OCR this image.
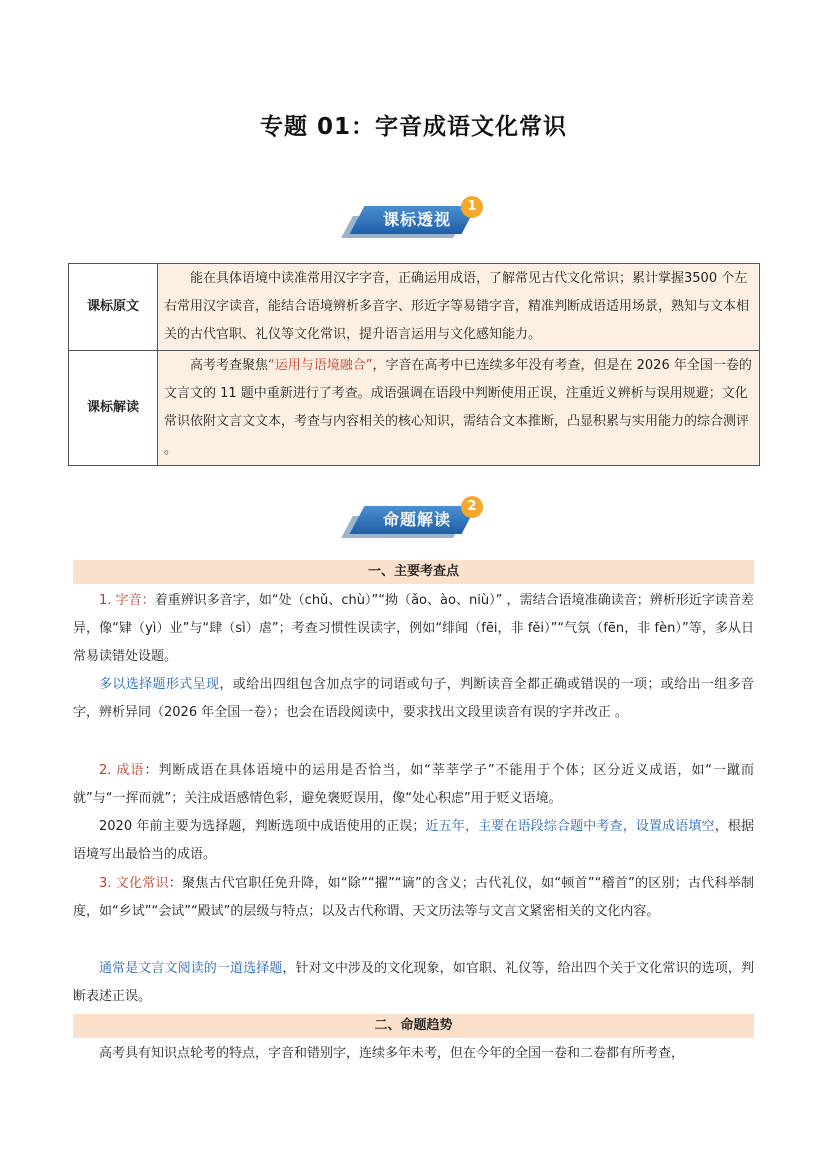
专题 01：字音成语文化常识
课标透视
1
课标原文	能在具体语境中读准常用汉字字音，正确运用成语，了解常见古代文化常识；累计掌握3500 个左右常用汉字读音，能结合语境辨析多音字、形近字等易错字音，精准判断成语适用场景，熟知与文本相关的古代官职、礼仪等文化常识，提升语言运用与文化感知能力。
课标解读	高考考查聚焦“运用与语境融合”，字音在高考中已连续多年没有考查，但是在 2026 年全国一卷的文言文的 11 题中重新进行了考查。成语强调在语段中判断使用正误，注重近义辨析与误用规避；文化常识依附文言文文本，考查与内容相关的核心知识，需结合文本推断，凸显积累与实用能力的综合测评 。
命题解读
2
一、主要考查点

1. 字音：着重辨识多音字，如“处（chǔ、chù）”“拗（ǎo、ào、niù）” ，需结合语境准确读音；辨析形近字读音差异，像“肄（yì）业”与“肆（sì）虐”；考查习惯性误读字，例如“绯闻（fēi，非 fěi）”“气氛（fēn，非 fèn）”等，多从日常易读错处设题。

多以选择题形式呈现，或给出四组包含加点字的词语或句子，判断读音全都正确或错误的一项；或给出一组多音字，辨析异同（2026 年全国一卷）；也会在语段阅读中，要求找出文段里读音有误的字并改正 。

2. 成语：判断成语在具体语境中的运用是否恰当，如“莘莘学子”不能用于个体；区分近义成语，如“一蹴而就”与“一挥而就”；关注成语感情色彩，避免褒贬误用，像“处心积虑”用于贬义语境。

2020 年前主要为选择题，判断选项中成语使用的正误；近五年，主要在语段综合题中考查，设置成语填空，根据语境写出最恰当的成语。

3. 文化常识：聚焦古代官职任免升降，如“除”“擢”“谪”的含义；古代礼仪，如“顿首”“稽首”的区别；古代科举制度，如“乡试”“会试”“殿试”的层级与特点；以及古代称谓、天文历法等与文言文紧密相关的文化内容。

通常是文言文阅读的一道选择题，针对文中涉及的文化现象，如官职、礼仪等，给出四个关于文化常识的选项，判断表述正误。

二、命题趋势

高考具有知识点轮考的特点，字音和错别字，连续多年未考，但在今年的全国一卷和二卷都有所考查，
